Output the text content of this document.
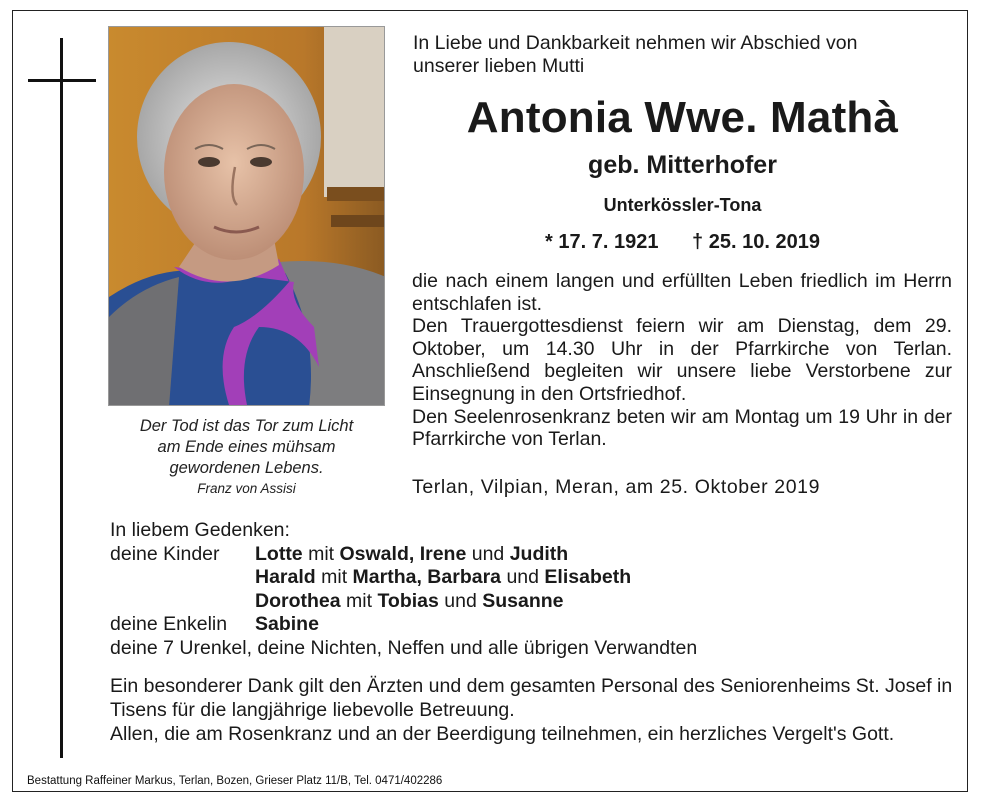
Der Tod ist das Tor zum Licht
am Ende eines mühsam
gewordenen Lebens.
Franz von Assisi
In Liebe und Dankbarkeit nehmen wir Abschied von
unserer lieben Mutti
Antonia Wwe. Mathà
geb. Mitterhofer
Unterkössler-Tona
* 17. 7. 1921 † 25. 10. 2019

die nach einem langen und erfüllten Leben friedlich im Herrn entschlafen ist.

Den Trauergottesdienst feiern wir am Dienstag, dem 29. Oktober, um 14.30 Uhr in der Pfarrkirche von Terlan. Anschließend begleiten wir unsere liebe Verstorbene zur Einsegnung in den Ortsfriedhof.

Den Seelenrosenkranz beten wir am Montag um 19 Uhr in der Pfarrkirche von Terlan.

Terlan, Vilpian, Meran, am 25. Oktober 2019
In liebem Gedenken:
deine Kinder	Lotte mit Oswald, Irene und Judith
Harald mit Martha, Barbara und Elisabeth
Dorothea mit Tobias und Susanne
deine Enkelin	Sabine
deine 7 Urenkel, deine Nichten, Neffen und alle übrigen Verwandten

Ein besonderer Dank gilt den Ärzten und dem gesamten Personal des Seniorenheims St. Josef in Tisens für die langjährige liebevolle Betreuung.

Allen, die am Rosenkranz und an der Beerdigung teilnehmen, ein herzliches Vergelt's Gott.

Bestattung Raffeiner Markus, Terlan, Bozen, Grieser Platz 11/B, Tel. 0471/402286
